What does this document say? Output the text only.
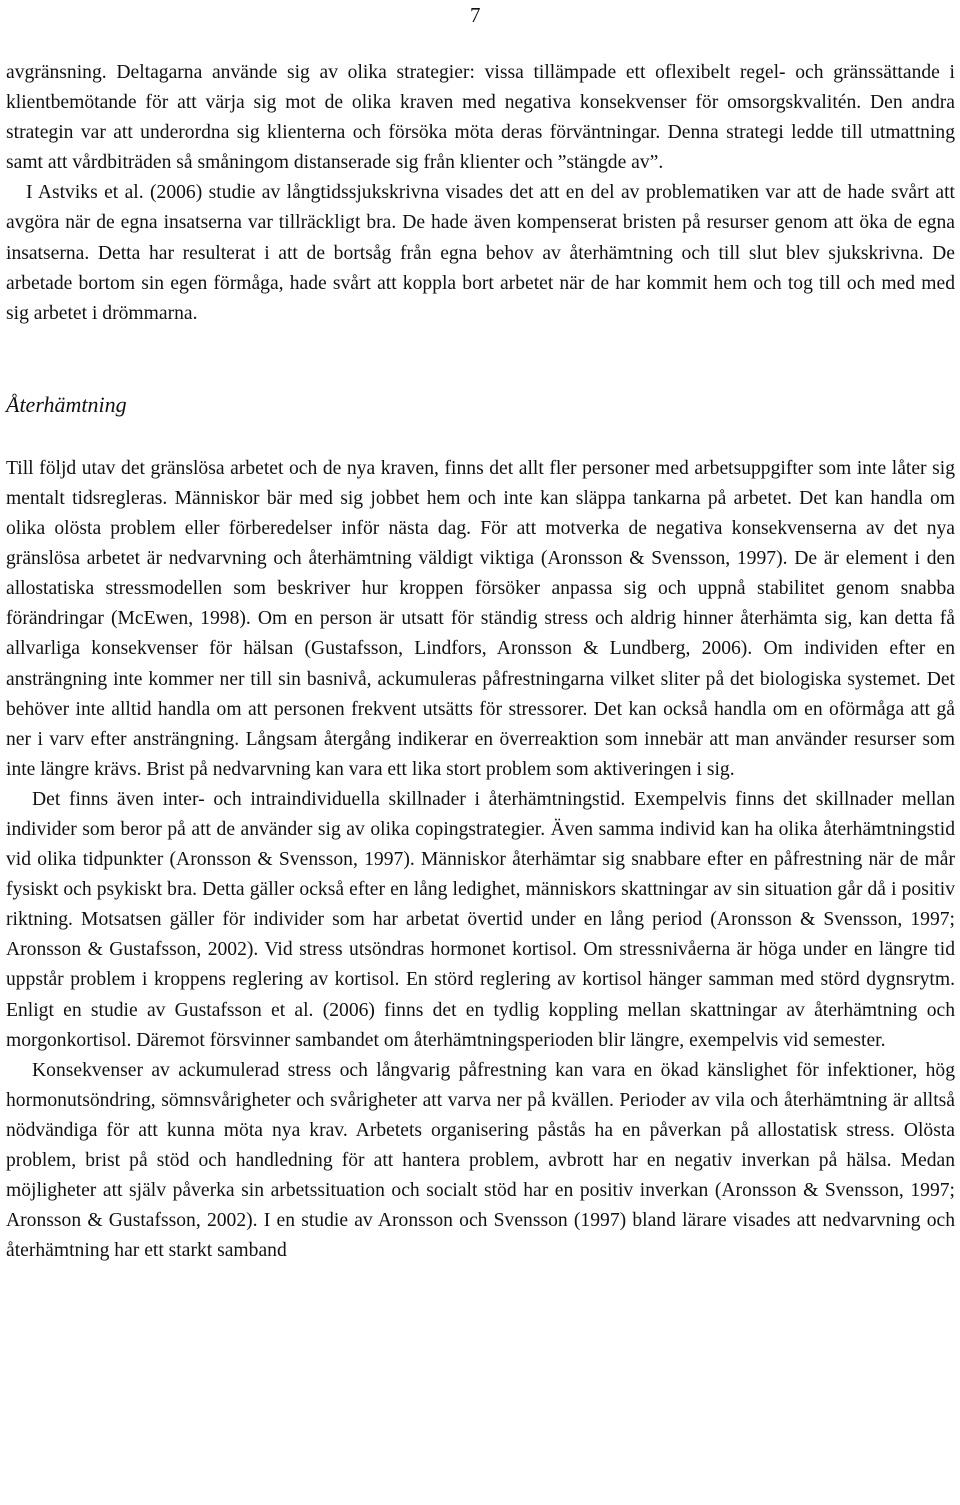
7

avgränsning. Deltagarna använde sig av olika strategier: vissa tillämpade ett oflexibelt regel- och gränssättande i klientbemötande för att värja sig mot de olika kraven med negativa konsekvenser för omsorgskvalitén. Den andra strategin var att underordna sig klienterna och försöka möta deras förväntningar. Denna strategi ledde till utmattning samt att vårdbiträden så småningom distanserade sig från klienter och ”stängde av”.

I Astviks et al. (2006) studie av långtidssjukskrivna visades det att en del av problematiken var att de hade svårt att avgöra när de egna insatserna var tillräckligt bra. De hade även kompenserat bristen på resurser genom att öka de egna insatserna. Detta har resulterat i att de bortsåg från egna behov av återhämtning och till slut blev sjukskrivna. De arbetade bortom sin egen förmåga, hade svårt att koppla bort arbetet när de har kommit hem och tog till och med med sig arbetet i drömmarna.

Återhämtning

Till följd utav det gränslösa arbetet och de nya kraven, finns det allt fler personer med arbetsuppgifter som inte låter sig mentalt tidsregleras. Människor bär med sig jobbet hem och inte kan släppa tankarna på arbetet. Det kan handla om olika olösta problem eller förberedelser inför nästa dag. För att motverka de negativa konsekvenserna av det nya gränslösa arbetet är nedvarvning och återhämtning väldigt viktiga (Aronsson & Svensson, 1997). De är element i den allostatiska stressmodellen som beskriver hur kroppen försöker anpassa sig och uppnå stabilitet genom snabba förändringar (McEwen, 1998). Om en person är utsatt för ständig stress och aldrig hinner återhämta sig, kan detta få allvarliga konsekvenser för hälsan (Gustafsson, Lindfors, Aronsson & Lundberg, 2006). Om individen efter en ansträngning inte kommer ner till sin basnivå, ackumuleras påfrestningarna vilket sliter på det biologiska systemet. Det behöver inte alltid handla om att personen frekvent utsätts för stressorer. Det kan också handla om en oförmåga att gå ner i varv efter ansträngning. Långsam återgång indikerar en överreaktion som innebär att man använder resurser som inte längre krävs. Brist på nedvarvning kan vara ett lika stort problem som aktiveringen i sig.

Det finns även inter- och intraindividuella skillnader i återhämtningstid. Exempelvis finns det skillnader mellan individer som beror på att de använder sig av olika copingstrategier. Även samma individ kan ha olika återhämtningstid vid olika tidpunkter (Aronsson & Svensson, 1997). Människor återhämtar sig snabbare efter en påfrestning när de mår fysiskt och psykiskt bra. Detta gäller också efter en lång ledighet, människors skattningar av sin situation går då i positiv riktning. Motsatsen gäller för individer som har arbetat övertid under en lång period (Aronsson & Svensson, 1997; Aronsson & Gustafsson, 2002). Vid stress utsöndras hormonet kortisol. Om stressnivåerna är höga under en längre tid uppstår problem i kroppens reglering av kortisol. En störd reglering av kortisol hänger samman med störd dygnsrytm. Enligt en studie av Gustafsson et al. (2006) finns det en tydlig koppling mellan skattningar av återhämtning och morgonkortisol. Däremot försvinner sambandet om återhämtningsperioden blir längre, exempelvis vid semester.

Konsekvenser av ackumulerad stress och långvarig påfrestning kan vara en ökad känslighet för infektioner, hög hormonutsöndring, sömnsvårigheter och svårigheter att varva ner på kvällen. Perioder av vila och återhämtning är alltså nödvändiga för att kunna möta nya krav. Arbetets organisering påstås ha en påverkan på allostatisk stress. Olösta problem, brist på stöd och handledning för att hantera problem, avbrott har en negativ inverkan på hälsa. Medan möjligheter att själv påverka sin arbetssituation och socialt stöd har en positiv inverkan (Aronsson & Svensson, 1997; Aronsson & Gustafsson, 2002). I en studie av Aronsson och Svensson (1997) bland lärare visades att nedvarvning och återhämtning har ett starkt samband
